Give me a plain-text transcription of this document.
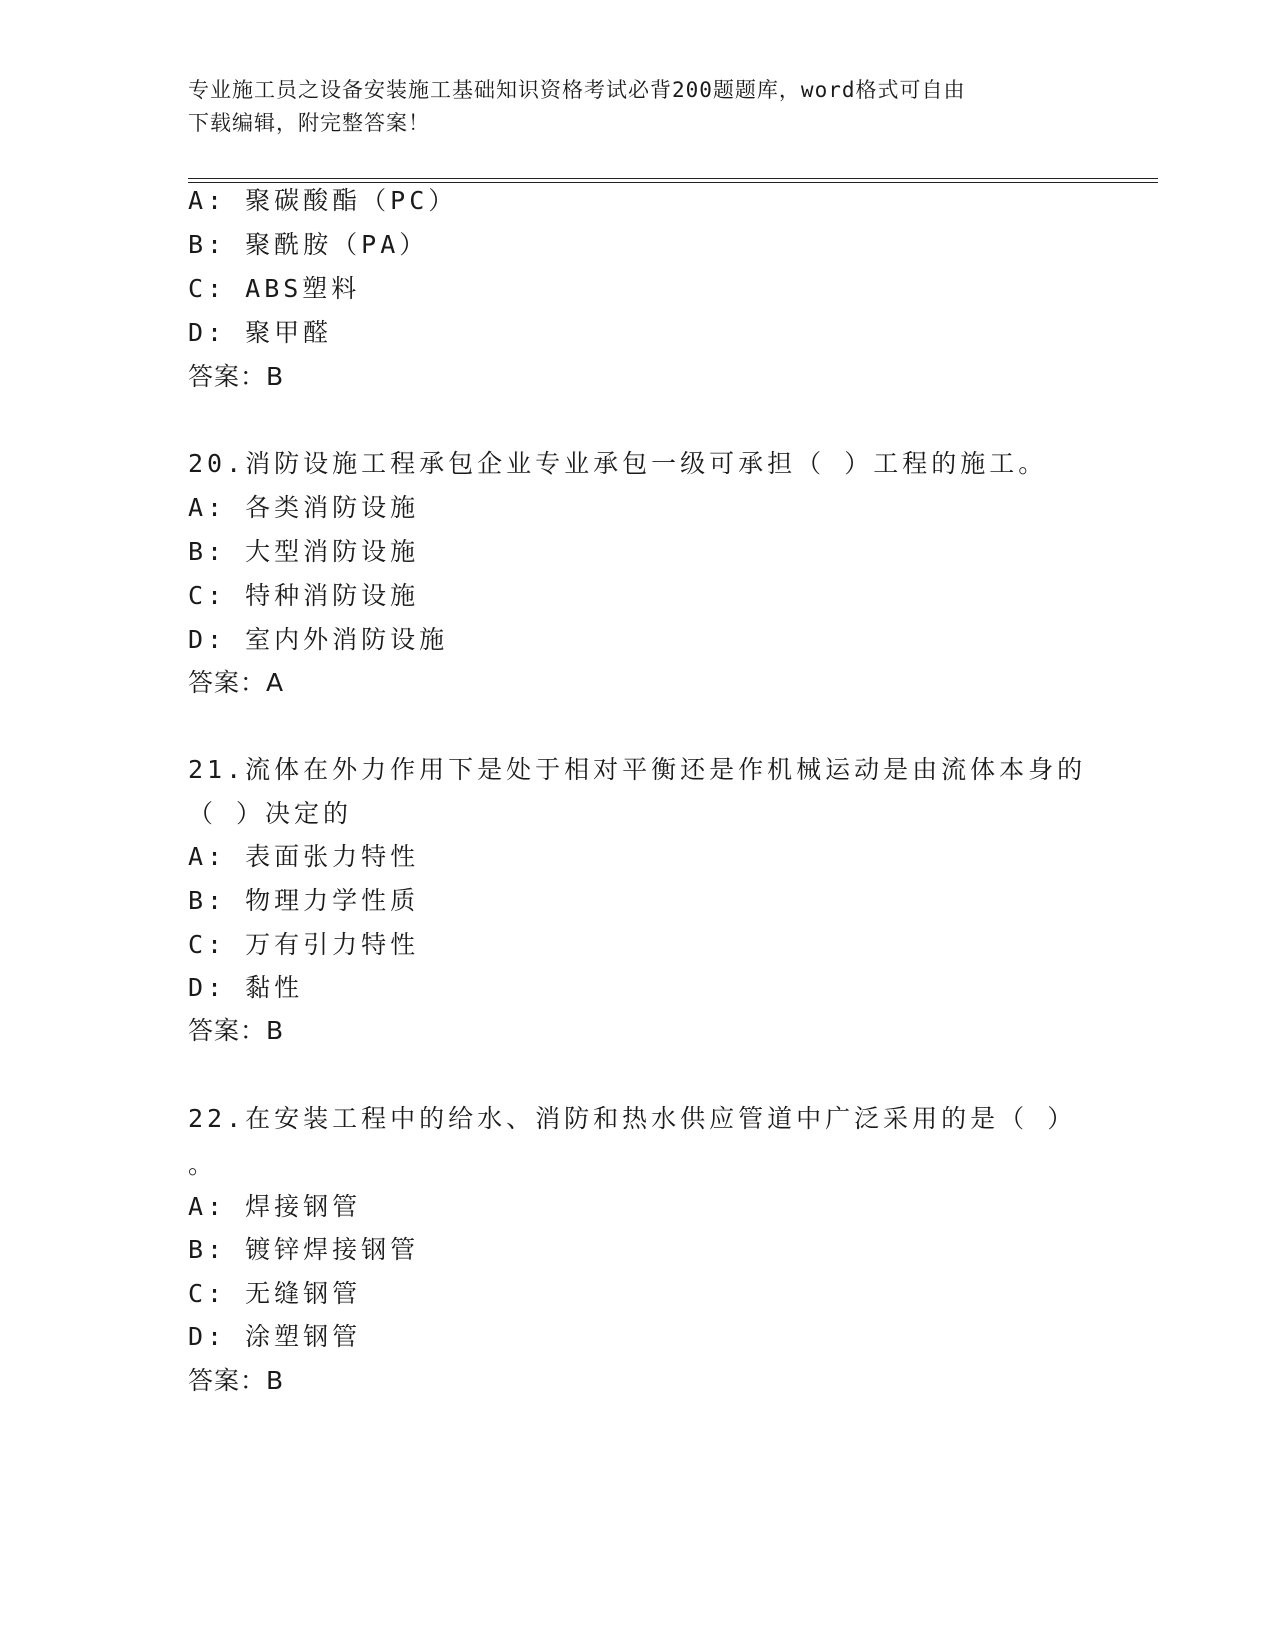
专业施工员之设备安装施工基础知识资格考试必背200题题库，word格式可自由
下载编辑，附完整答案！
A: 聚碳酸酯（PC）
B: 聚酰胺（PA）
C: ABS塑料
D: 聚甲醛
答案：B
20.消防设施工程承包企业专业承包一级可承担（ ）工程的施工。
A: 各类消防设施
B: 大型消防设施
C: 特种消防设施
D: 室内外消防设施
答案：A
21.流体在外力作用下是处于相对平衡还是作机械运动是由流体本身的
（ ）决定的
A: 表面张力特性
B: 物理力学性质
C: 万有引力特性
D: 黏性
答案：B
22.在安装工程中的给水、消防和热水供应管道中广泛采用的是（ ）
。
A: 焊接钢管
B: 镀锌焊接钢管
C: 无缝钢管
D: 涂塑钢管
答案：B
